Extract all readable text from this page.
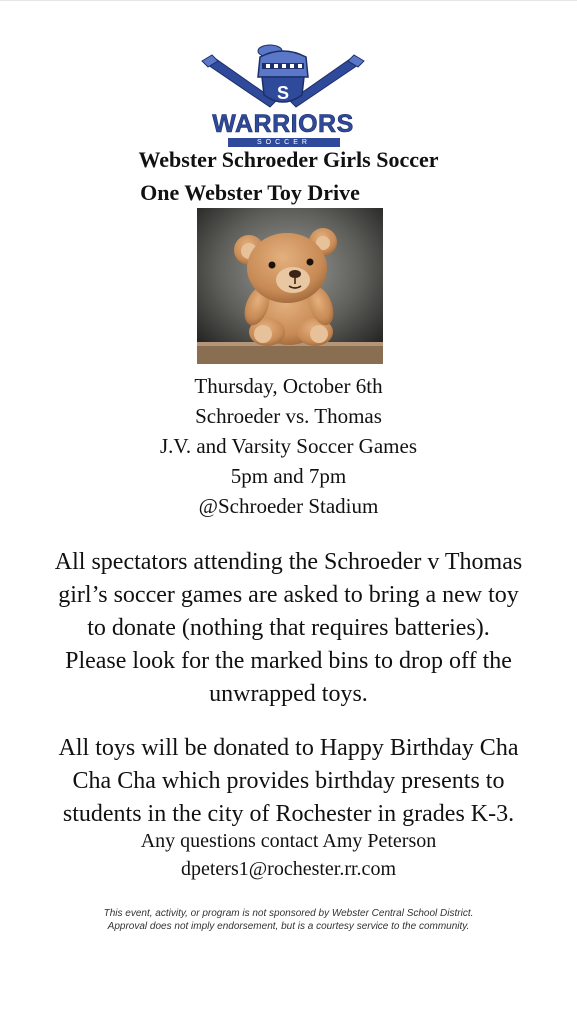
S
WARRIORS
SOCCER
Webster Schroeder Girls Soccer
One Webster Toy Drive
Thursday, October 6th
Schroeder vs. Thomas
J.V. and Varsity Soccer Games
5pm and 7pm
@Schroeder Stadium
All spectators attending the Schroeder v Thomas
girl’s soccer games are asked to bring a new toy
to donate (nothing that requires batteries).
Please look for the marked bins to drop off the
unwrapped toys.
All toys will be donated to Happy Birthday Cha
Cha Cha which provides birthday presents to
students in the city of Rochester in grades K-3.
Any questions contact Amy Peterson
dpeters1@rochester.rr.com
This event, activity, or program is not sponsored by Webster Central School District.
Approval does not imply endorsement, but is a courtesy service to the community.
